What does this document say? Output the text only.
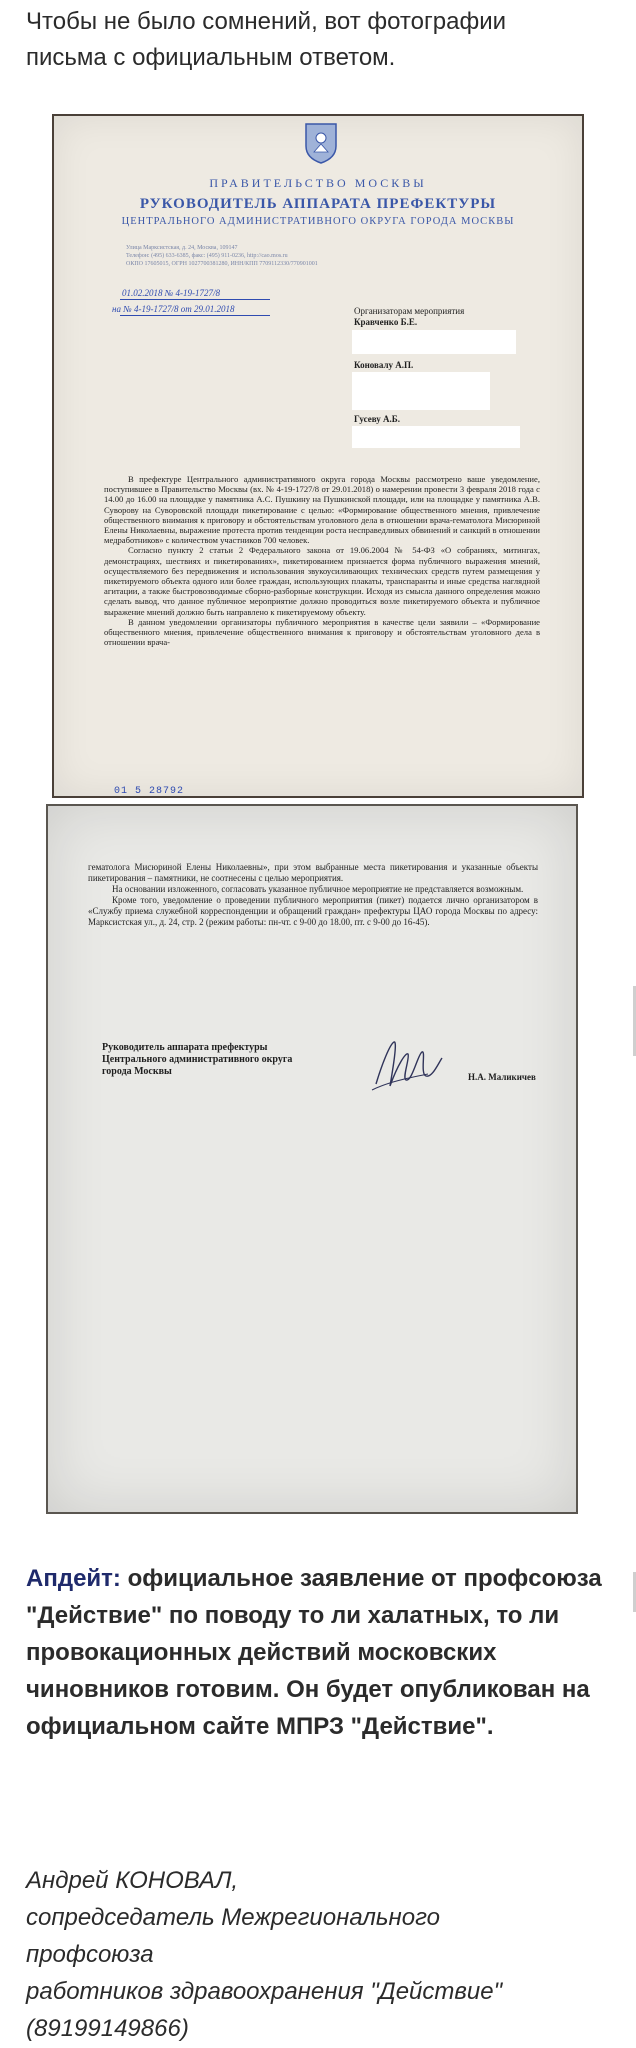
Чтобы не было сомнений, вот фотографии
письма с официальным ответом.
ПРАВИТЕЛЬСТВО МОСКВЫ
РУКОВОДИТЕЛЬ АППАРАТА ПРЕФЕКТУРЫ
ЦЕНТРАЛЬНОГО АДМИНИСТРАТИВНОГО ОКРУГА ГОРОДА МОСКВЫ
Улица Марксистская, д. 24, Москва, 109147
Телефон: (495) 633-6385, факс: (495) 911-0236, http://cao.mos.ru
ОКПО 17605015, ОГРН 1027700381280, ИНН/КПП 7709112330/770901001
01.02.2018 № 4-19-1727/8
на № 4-19-1727/8 от 29.01.2018	Организаторам мероприятия
Кравченко Б.Е.
Коновалу А.П.
Гусеву А.Б.

В префектуре Центрального административного округа города Москвы рассмотрено ваше уведомление, поступившее в Правительство Москвы (вх. № 4-19-1727/8 от 29.01.2018) о намерении провести 3 февраля 2018 года с 14.00 до 16.00 на площадке у памятника А.С. Пушкину на Пушкинской площади, или на площадке у памятника А.В. Суворову на Суворовской площади пикетирование с целью: «Формирование общественного мнения, привлечение общественного внимания к приговору и обстоятельствам уголовного дела в отношении врача-гематолога Мисюриной Елены Николаевны, выражение протеста против тенденции роста несправедливых обвинений и санкций в отношении медработников» с количеством участников 700 человек.

Согласно пункту 2 статьи 2 Федерального закона от 19.06.2004 № 54-ФЗ «О собраниях, митингах, демонстрациях, шествиях и пикетированиях», пикетированием признается форма публичного выражения мнений, осуществляемого без передвижения и использования звукоусиливающих технических средств путем размещения у пикетируемого объекта одного или более граждан, использующих плакаты, транспаранты и иные средства наглядной агитации, а также быстровозводимые сборно-разборные конструкции. Исходя из смысла данного определения можно сделать вывод, что данное публичное мероприятие должно проводиться возле пикетируемого объекта и публичное выражение мнений должно быть направлено к пикетируемому объекту.

В данном уведомлении организаторы публичного мероприятия в качестве цели заявили – «Формирование общественного мнения, привлечение общественного внимания к приговору и обстоятельствам уголовного дела в отношении врача-

01 5 28792

гематолога Мисюриной Елены Николаевны», при этом выбранные места пикетирования и указанные объекты пикетирования – памятники, не соотнесены с целью мероприятия.

На основании изложенного, согласовать указанное публичное мероприятие не представляется возможным.

Кроме того, уведомление о проведении публичного мероприятия (пикет) подается лично организатором в «Службу приема служебной корреспонденции и обращений граждан» префектуры ЦАО города Москвы по адресу: Марксистская ул., д. 24, стр. 2 (режим работы: пн-чт. с 9-00 до 18.00, пт. с 9-00 до 16-45).

Руководитель аппарата префектуры
Центрального административного округа
города Москвы	Н.А. Маликичев
Апдейт: официальное заявление от профсоюза "Действие" по поводу то ли халатных, то ли провокационных действий московских чиновников готовим. Он будет опубликован на официальном сайте МПРЗ "Действие".
Андрей КОНОВАЛ,
сопредседатель Межрегионального
профсоюза
работников здравоохранения "Действие"
(89199149866)
